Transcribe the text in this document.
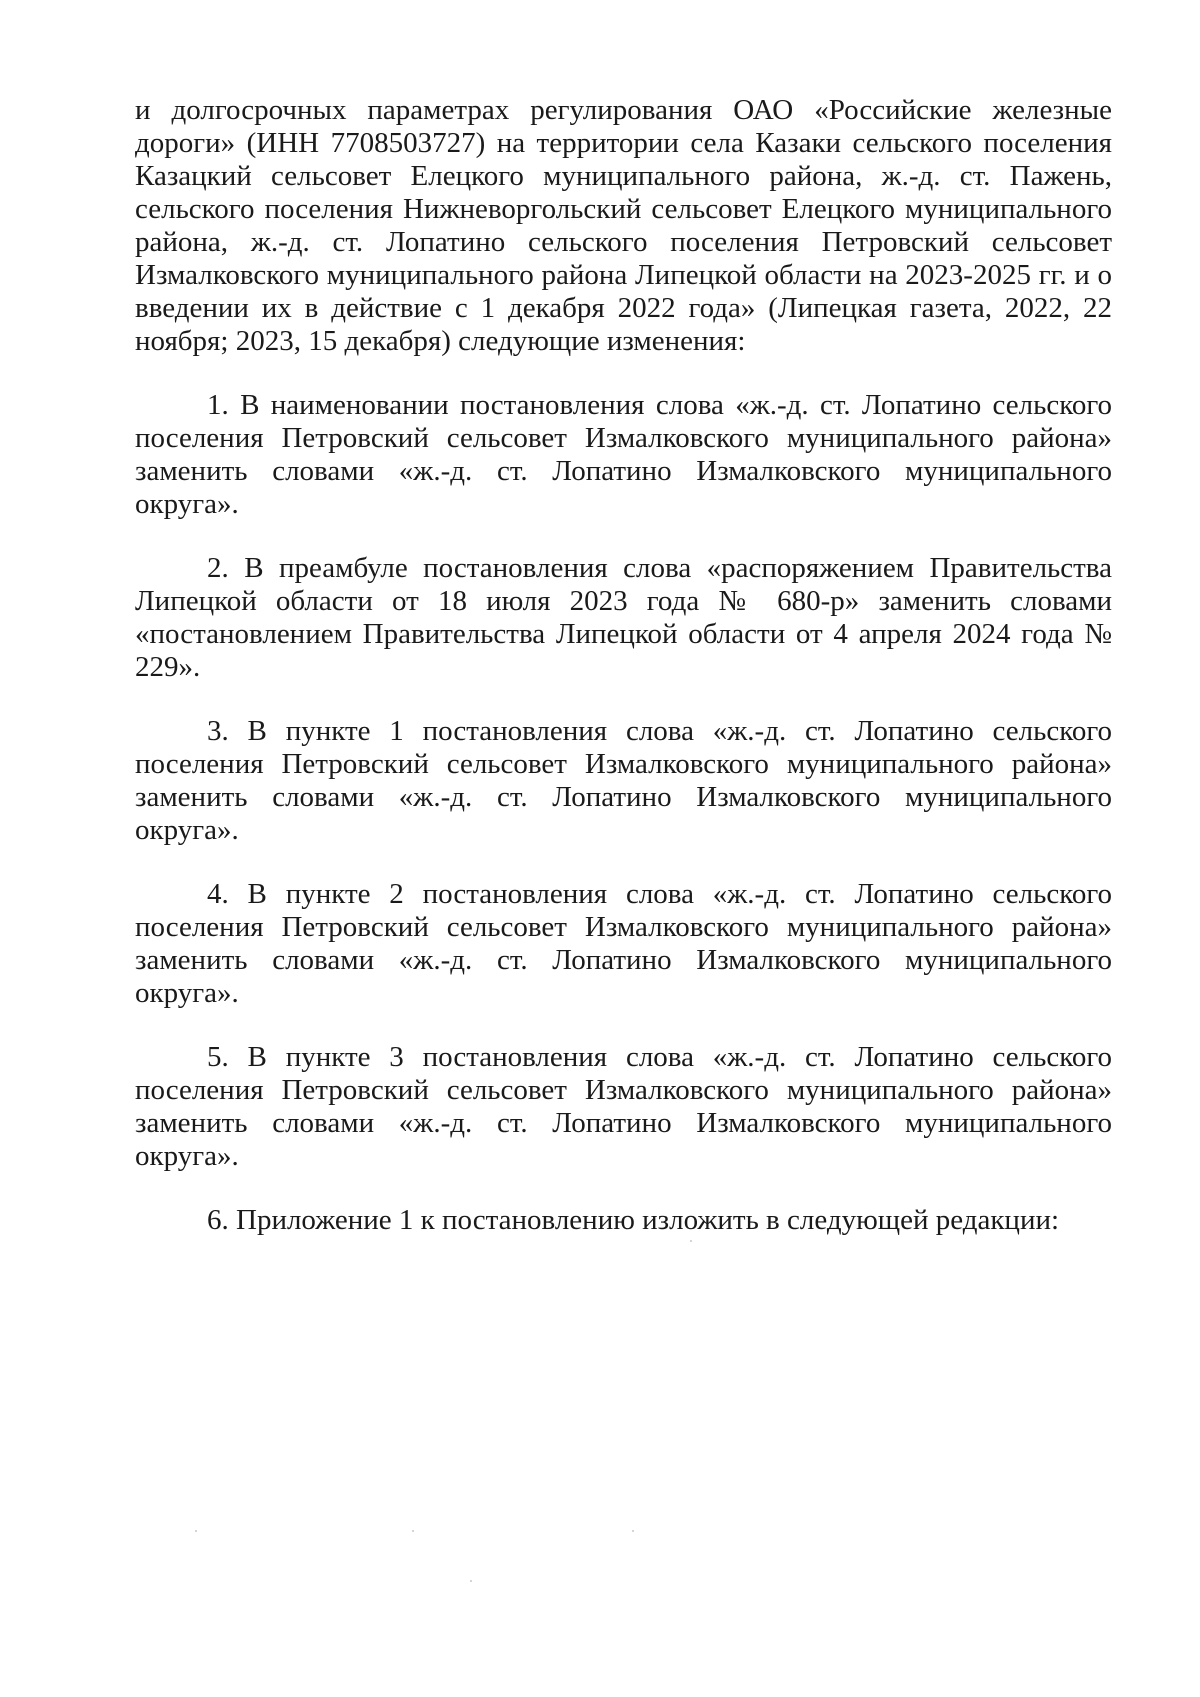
и долгосрочных параметрах регулирования ОАО «Российские железные дороги» (ИНН 7708503727) на территории села Казаки сельского поселения Казацкий сельсовет Елецкого муниципального района, ж.-д. ст. Пажень, сельского поселения Нижневоргольский сельсовет Елецкого муниципального района, ж.-д. ст. Лопатино сельского поселения Петровский сельсовет Измалковского муниципального района Липецкой области на 2023-2025 гг. и о введении их в действие с 1 декабря 2022 года» (Липецкая газета, 2022, 22 ноября; 2023, 15 декабря) следующие изменения:

1. В наименовании постановления слова «ж.-д. ст. Лопатино сельского поселения Петровский сельсовет Измалковского муниципального района» заменить словами «ж.-д. ст. Лопатино Измалковского муниципального округа».

2. В преамбуле постановления слова «распоряжением Правительства Липецкой области от 18 июля 2023 года № 680-р» заменить словами «постановлением Правительства Липецкой области от 4 апреля 2024 года № 229».

3. В пункте 1 постановления слова «ж.-д. ст. Лопатино сельского поселения Петровский сельсовет Измалковского муниципального района» заменить словами «ж.-д. ст. Лопатино Измалковского муниципального округа».

4. В пункте 2 постановления слова «ж.-д. ст. Лопатино сельского поселения Петровский сельсовет Измалковского муниципального района» заменить словами «ж.-д. ст. Лопатино Измалковского муниципального округа».

5. В пункте 3 постановления слова «ж.-д. ст. Лопатино сельского поселения Петровский сельсовет Измалковского муниципального района» заменить словами «ж.-д. ст. Лопатино Измалковского муниципального округа».

6. Приложение 1 к постановлению изложить в следующей редакции:
